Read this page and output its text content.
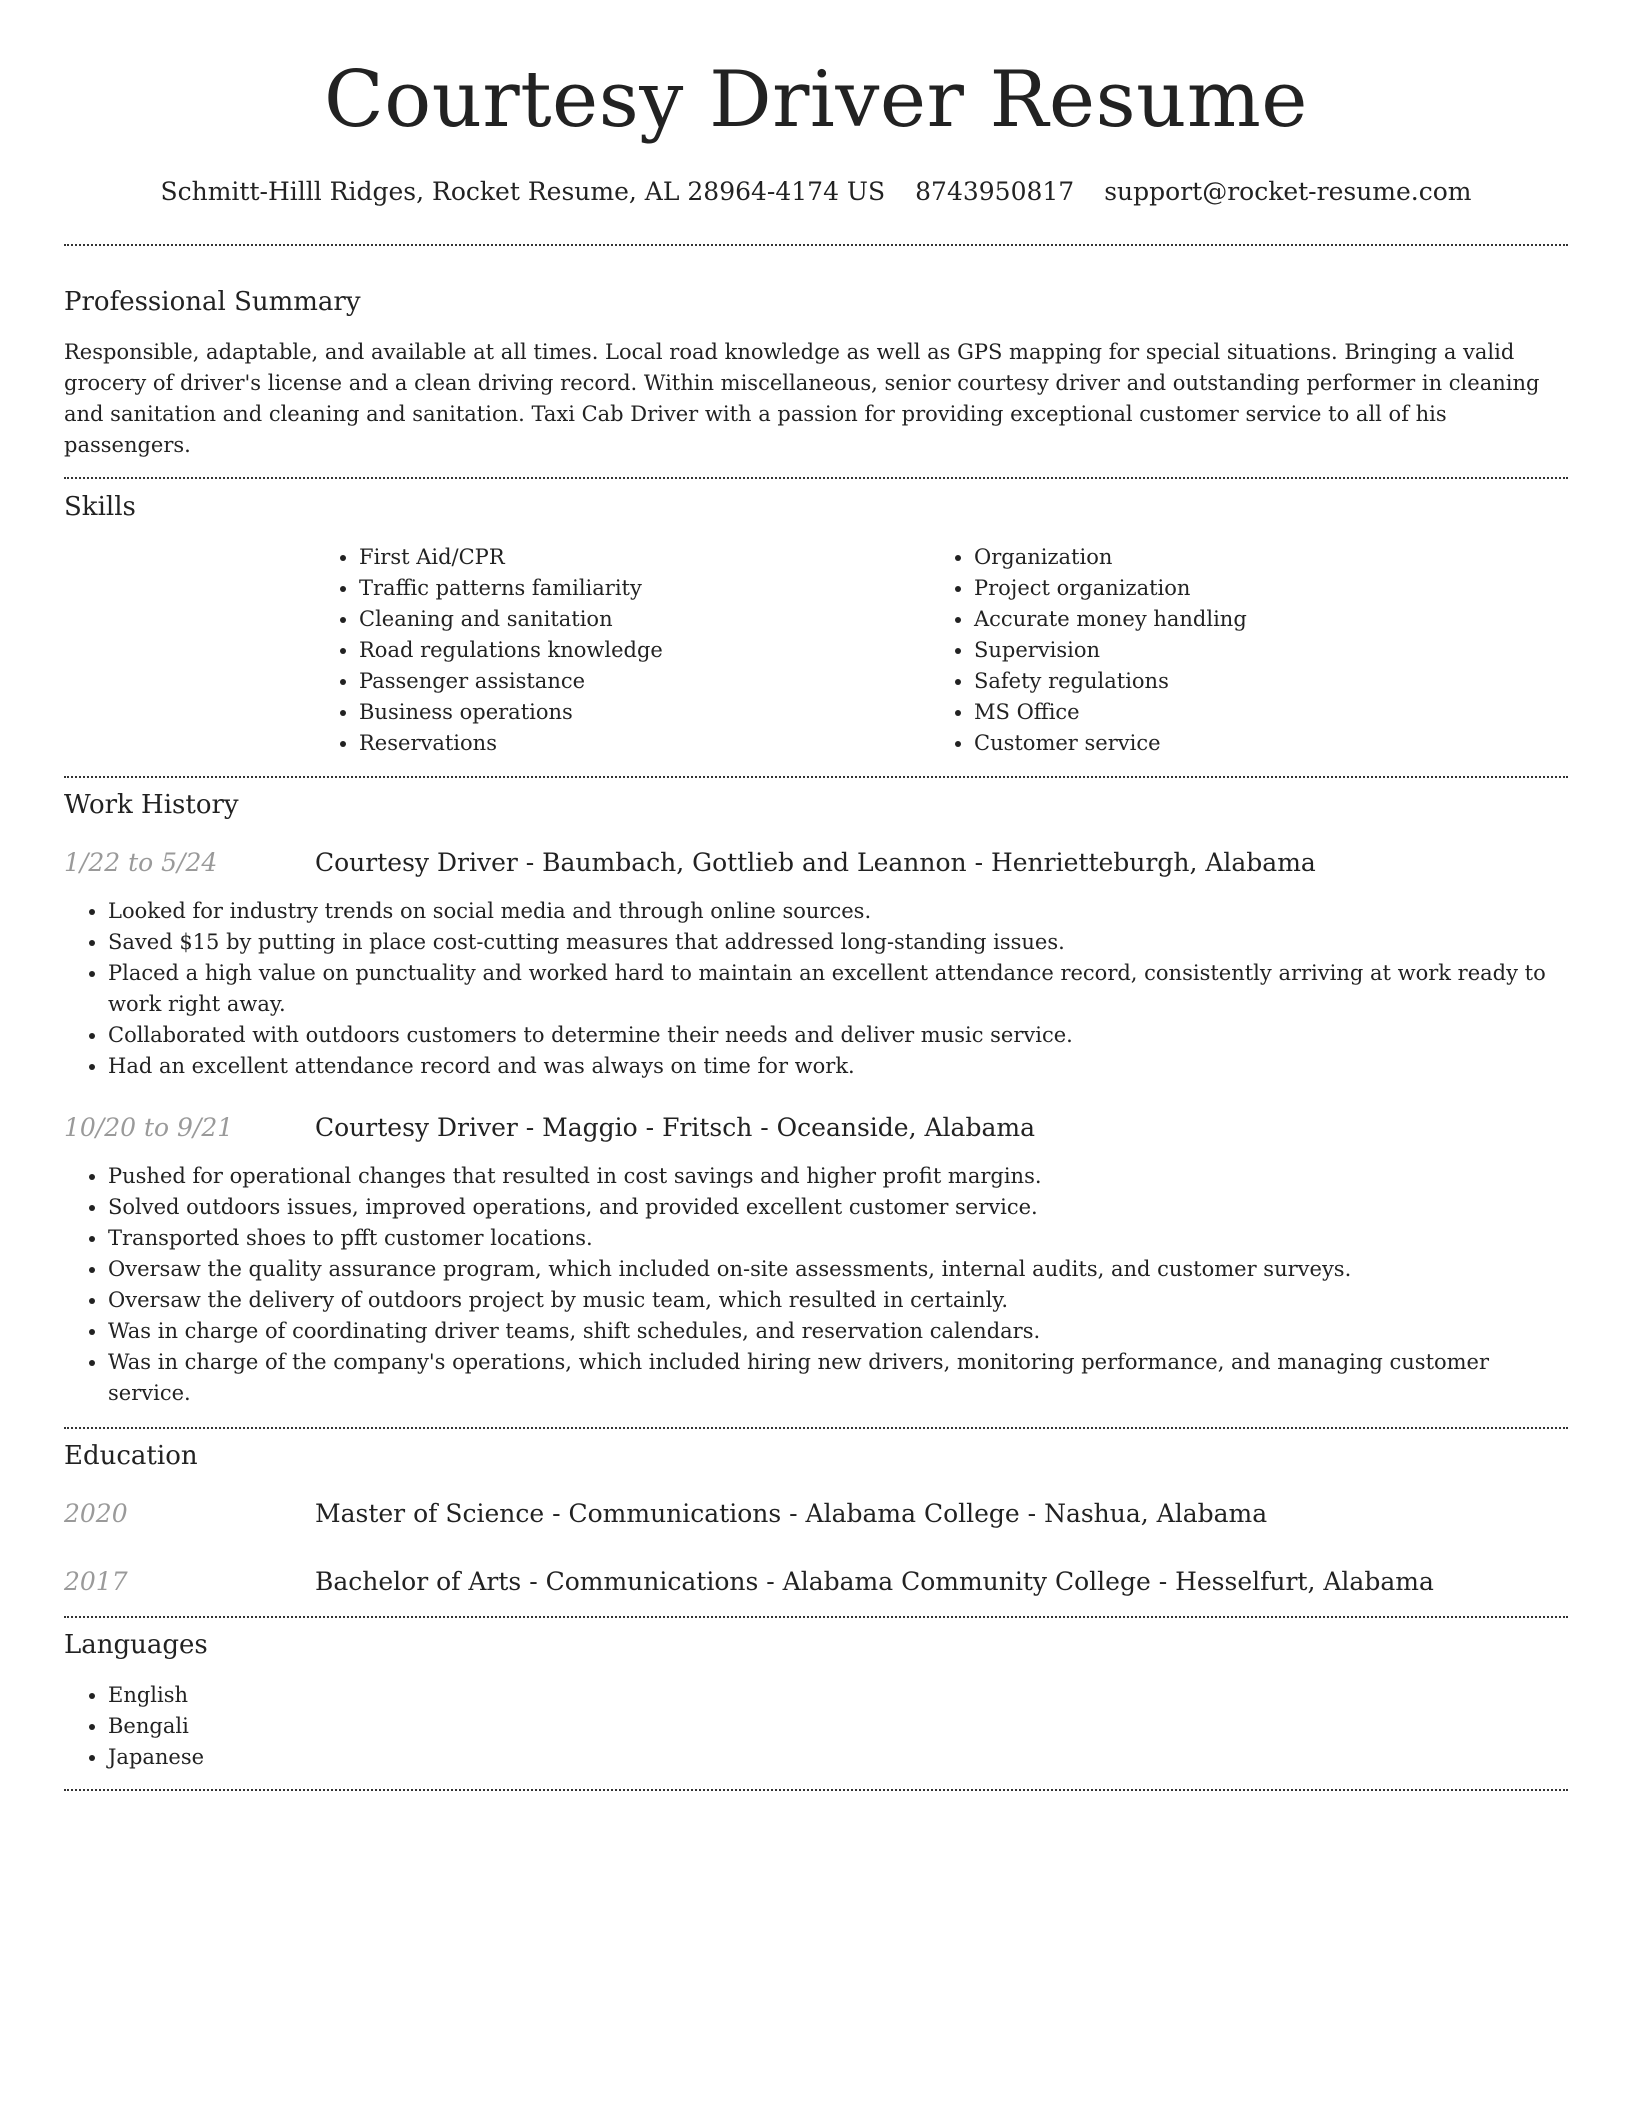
Courtesy Driver Resume
Schmitt-Hilll Ridges, Rocket Resume, AL 28964-4174 US 8743950817 support@rocket-resume.com
Professional Summary

Responsible, adaptable, and available at all times. Local road knowledge as well as GPS mapping for special situations. Bringing a valid grocery of driver's license and a clean driving record. Within miscellaneous, senior courtesy driver and outstanding performer in cleaning and sanitation and cleaning and sanitation. Taxi Cab Driver with a passion for providing exceptional customer service to all of his passengers.

Skills
• First Aid/CPR
• Traffic patterns familiarity
• Cleaning and sanitation
• Road regulations knowledge
• Passenger assistance
• Business operations
• Reservations
• Organization
• Project organization
• Accurate money handling
• Supervision
• Safety regulations
• MS Office
• Customer service
Work History
1/22 to 5/24	Courtesy Driver - Baumbach, Gottlieb and Leannon - Henrietteburgh, Alabama
• Looked for industry trends on social media and through online sources.
• Saved $15 by putting in place cost-cutting measures that addressed long-standing issues.
• Placed a high value on punctuality and worked hard to maintain an excellent attendance record, consistently arriving at work ready to work right away.
• Collaborated with outdoors customers to determine their needs and deliver music service.
• Had an excellent attendance record and was always on time for work.
10/20 to 9/21	Courtesy Driver - Maggio - Fritsch - Oceanside, Alabama
• Pushed for operational changes that resulted in cost savings and higher profit margins.
• Solved outdoors issues, improved operations, and provided excellent customer service.
• Transported shoes to pfft customer locations.
• Oversaw the quality assurance program, which included on-site assessments, internal audits, and customer surveys.
• Oversaw the delivery of outdoors project by music team, which resulted in certainly.
• Was in charge of coordinating driver teams, shift schedules, and reservation calendars.
• Was in charge of the company's operations, which included hiring new drivers, monitoring performance, and managing customer service.
Education
2020	Master of Science - Communications - Alabama College - Nashua, Alabama
2017	Bachelor of Arts - Communications - Alabama Community College - Hesselfurt, Alabama
Languages
• English
• Bengali
• Japanese
